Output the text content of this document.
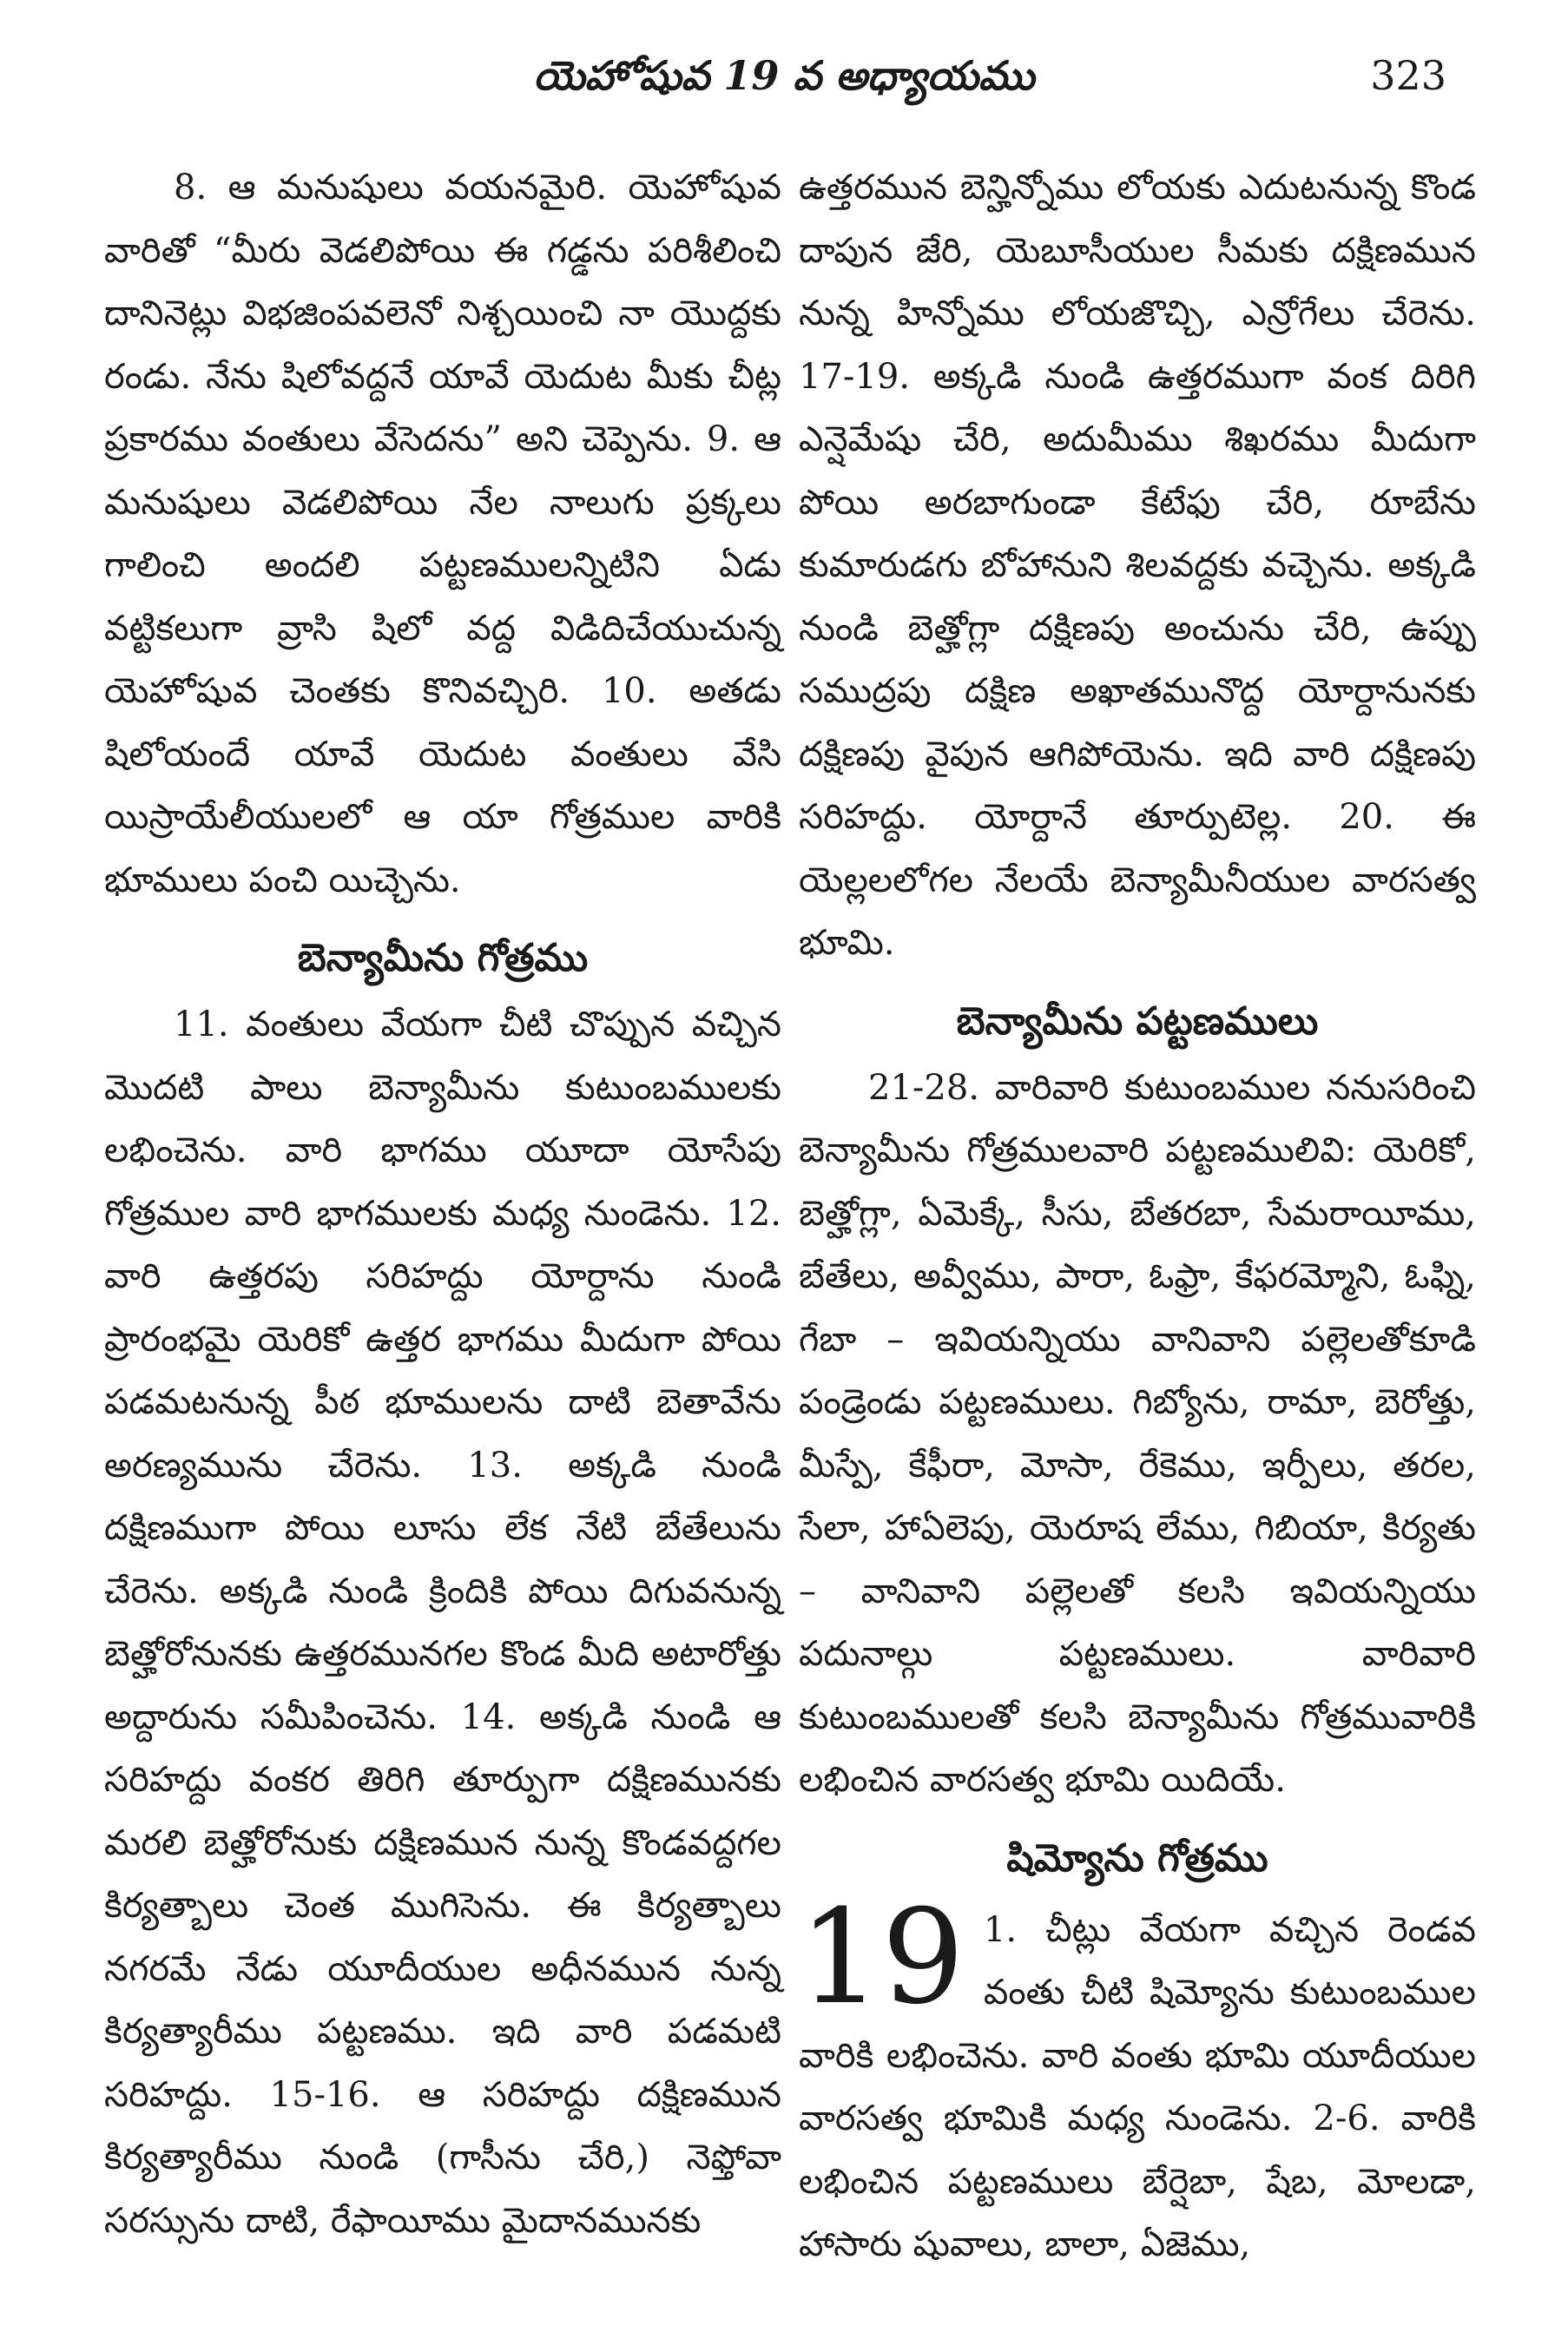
యెహోషువ 19 వ అధ్యాయము	323

8. ఆ మనుషులు వయనమైరి. యెహోషువ వారితో “మీరు వెడలిపోయి ఈ గడ్డను పరిశీలించి దానినెట్లు విభజింపవలెనో నిశ్చయించి నా యొద్దకు రండు. నేను షిలోవద్దనే యావే యెదుట మీకు చీట్ల ప్రకారము వంతులు వేసెదను” అని చెప్పెను. 9. ఆ మనుషులు వెడలిపోయి నేల నాలుగు ప్రక్కలు గాలించి అందలి పట్టణములన్నిటిని ఏడు వట్టికలుగా వ్రాసి షిలో వద్ద విడిదిచేయుచున్న యెహోషువ చెంతకు కొనివచ్చిరి. 10. అతడు షిలోయందే యావే యెదుట వంతులు వేసి యిస్రాయేలీయులలో ఆ యా గోత్రముల వారికి భూములు పంచి యిచ్చెను.

బెన్యామీను గోత్రము

11. వంతులు వేయగా చీటి చొప్పున వచ్చిన మొదటి పాలు బెన్యామీను కుటుంబములకు లభించెను. వారి భాగము యూదా యోసేపు గోత్రముల వారి భాగములకు మధ్య నుండెను. 12. వారి ఉత్తరపు సరిహద్దు యోర్దాను నుండి ప్రారంభమై యెరికో ఉత్తర భాగము మీదుగా పోయి పడమటనున్న పీఠ భూములను దాటి బెతావేను అరణ్యమును చేరెను. 13. అక్కడి నుండి దక్షిణముగా పోయి లూసు లేక నేటి బేతేలును చేరెను. అక్కడి నుండి క్రిందికి పోయి దిగువనున్న బెత్హోరోనునకు ఉత్తరమునగల కొండ మీది అటారోత్తు అద్దారును సమీపించెను. 14. అక్కడి నుండి ఆ సరిహద్దు వంకర తిరిగి తూర్పుగా దక్షిణమునకు మరలి బెత్హోరోనుకు దక్షిణమున నున్న కొండవద్దగల కిర్యత్బాలు చెంత ముగిసెను. ఈ కిర్యత్బాలు నగరమే నేడు యూదీయుల అధీనమున నున్న కిర్యత్యారీము పట్టణము. ఇది వారి పడమటి సరిహద్దు. 15-16. ఆ సరిహద్దు దక్షిణమున కిర్యత్యారీము నుండి (గాసీను చేరి,) నెఫ్తోవా సరస్సును దాటి, రేఫాయీము మైదానమునకు

ఉత్తరమున బెన్హిన్నోము లోయకు ఎదుటనున్న కొండ దాపున జేరి, యెబూసీయుల సీమకు దక్షిణమున నున్న హిన్నోము లోయజొచ్చి, ఎన్రోగేలు చేరెను. 17-19. అక్కడి నుండి ఉత్తరముగా వంక దిరిగి ఎన్షెమేషు చేరి, అదుమీము శిఖరము మీదుగా పోయి అరబాగుండా కేటేఫు చేరి, రూబేను కుమారుడగు బోహానుని శిలవద్దకు వచ్చెను. అక్కడి నుండి బెత్హోగ్లా దక్షిణపు అంచును చేరి, ఉప్పు సముద్రపు దక్షిణ అఖాతమునొద్ద యోర్దానునకు దక్షిణపు వైపున ఆగిపోయెను. ఇది వారి దక్షిణపు సరిహద్దు. యోర్దానే తూర్పుటెల్ల. 20. ఈ యెల్లలలోగల నేలయే బెన్యామీనీయుల వారసత్వ భూమి.

బెన్యామీను పట్టణములు

21-28. వారివారి కుటుంబముల ననుసరించి బెన్యామీను గోత్రములవారి పట్టణములివి: యెరికో, బెత్హోగ్లా, ఏమెక్కే, సీసు, బేతరబా, సేమరాయీము, బేతేలు, అవ్వీము, పారా, ఓఫ్రా, కేఫరమ్మోని, ఓఫ్ని, గేబా – ఇవియన్నియు వానివాని పల్లెలతోకూడి పండ్రెండు పట్టణములు. గిబ్యోను, రామా, బెరోత్తు, మీస్పే, కేఫీరా, మోసా, రేకెము, ఇర్పీలు, తరల, సేలా, హాఏలెపు, యెరూష లేము, గిబియా, కిర్యతు – వానివాని పల్లెలతో కలసి ఇవియన్నియు పదునాల్గు పట్టణములు. వారివారి కుటుంబములతో కలసి బెన్యామీను గోత్రమువారికి లభించిన వారసత్వ భూమి యిదియే.

షిమ్యోను గోత్రము
19 1. చీట్లు వేయగా వచ్చిన రెండవ వంతు చీటి షిమ్యోను కుటుంబముల వారికి లభించెను. వారి వంతు భూమి యూదీయుల వారసత్వ భూమికి మధ్య నుండెను. 2-6. వారికి లభించిన పట్టణములు బేర్షెబా, షేబ, మోలడా, హాసారు షువాలు, బాలా, ఏజెము,
